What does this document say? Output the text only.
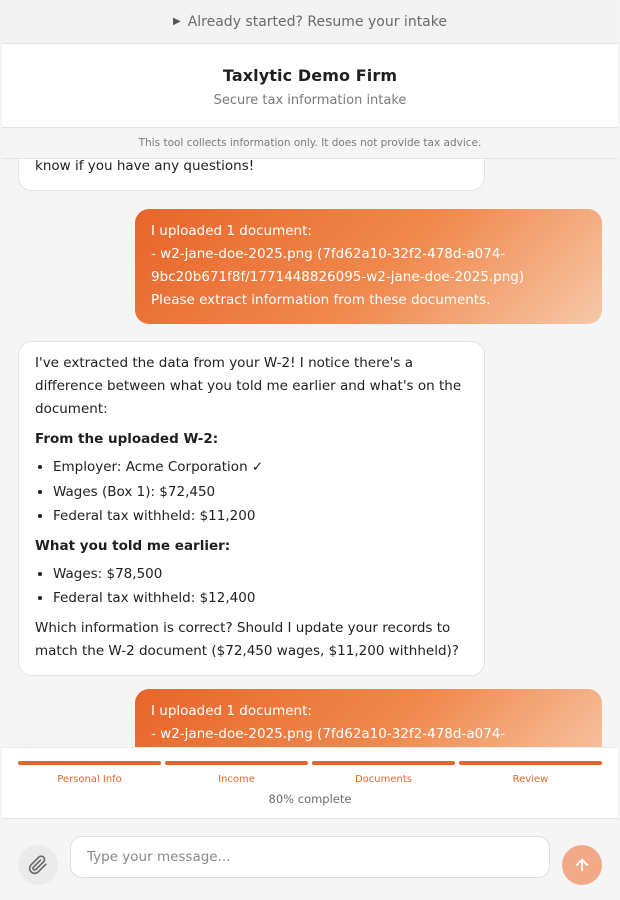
▶ Already started? Resume your intake
Taxlytic Demo Firm
Secure tax information intake
This tool collects information only. It does not provide tax advice.

know if you have any questions!

I uploaded 1 document:
- w2-jane-doe-2025.png (7fd62a10-32f2-478d-a074-
9bc20b671f8f/1771448826095-w2-jane-doe-2025.png)
Please extract information from these documents.

I've extracted the data from your W-2! I notice there's a difference between what you told me earlier and what's on the document:

From the uploaded W-2:

• Employer: Acme Corporation ✓
• Wages (Box 1): $72,450
• Federal tax withheld: $11,200

What you told me earlier:

• Wages: $78,500
• Federal tax withheld: $12,400

Which information is correct? Should I update your records to match the W-2 document ($72,450 wages, $11,200 withheld)?

I uploaded 1 document:
- w2-jane-doe-2025.png (7fd62a10-32f2-478d-a074-
Personal Info	Income	Documents	Review
80% complete
Type your message...
